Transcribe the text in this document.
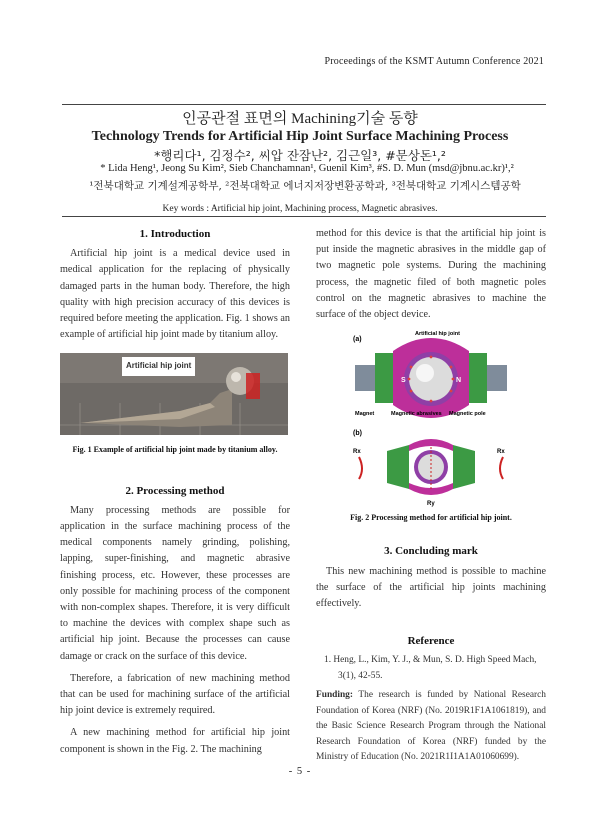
Proceedings of the KSMT Autumn Conference 2021
인공관절 표면의 Machining기술 동향
Technology Trends for Artificial Hip Joint Surface Machining Process
*행리다¹, 김정수², 씨압 잔잠난², 김근일³, #문상돈¹,²
* Lida Heng¹, Jeong Su Kim², Sieb Chanchamnan¹, Guenil Kim³, #S. D. Mun (msd@jbnu.ac.kr)¹,²
¹전북대학교 기계설계공학부, ²전북대학교 에너지저장변환공학과, ³전북대학교 기계시스템공학
Key words : Artificial hip joint, Machining process, Magnetic abrasives.
1. Introduction

Artificial hip joint is a medical device used in medical application for the replacing of physically damaged parts in the human body. Therefore, the high quality with high precision accuracy of this devices is required before meeting the application. Fig. 1 shows an example of artificial hip joint made by titanium alloy.

Artificial hip joint
Fig. 1 Example of artificial hip joint made by titanium alloy.
2. Processing method

Many processing methods are possible for application in the surface machining process of the medical components namely grinding, polishing, lapping, super-finishing, and magnetic abrasive finishing process, etc. However, these processes are only possible for machining process of the component with non-complex shapes. Therefore, it is very difficult to machine the devices with complex shape such as artificial hip joint. Because the processes can cause damage or crack on the surface of this device.

Therefore, a fabrication of new machining method that can be used for machining surface of the artificial hip joint device is extremely required.

A new machining method for artificial hip joint component is shown in the Fig. 2. The machining

method for this device is that the artificial hip joint is put inside the magnetic abrasives in the middle gap of two magnetic pole systems. During the machining process, the magnetic filed of both magnetic poles control on the magnetic abrasives to machine the surface of the object device.

(a)
Artificial hip joint
S	N
Magnet	Magnetic abrasives Magnetic pole
(b)
Rx	Rx
Ry
Fig. 2 Processing method for artificial hip joint.
3. Concluding mark

This new machining method is possible to machine the surface of the artificial hip joints machining effectively.

Reference
1. Heng, L., Kim, Y. J., & Mun, S. D. High Speed Mach, 3(1), 42-55.
Funding: The research is funded by National Research Foundation of Korea (NRF) (No. 2019R1F1A1061819), and the Basic Science Research Program through the National Research Foundation of Korea (NRF) funded by the Ministry of Education (No. 2021R1I1A1A01060699).
- 5 -
